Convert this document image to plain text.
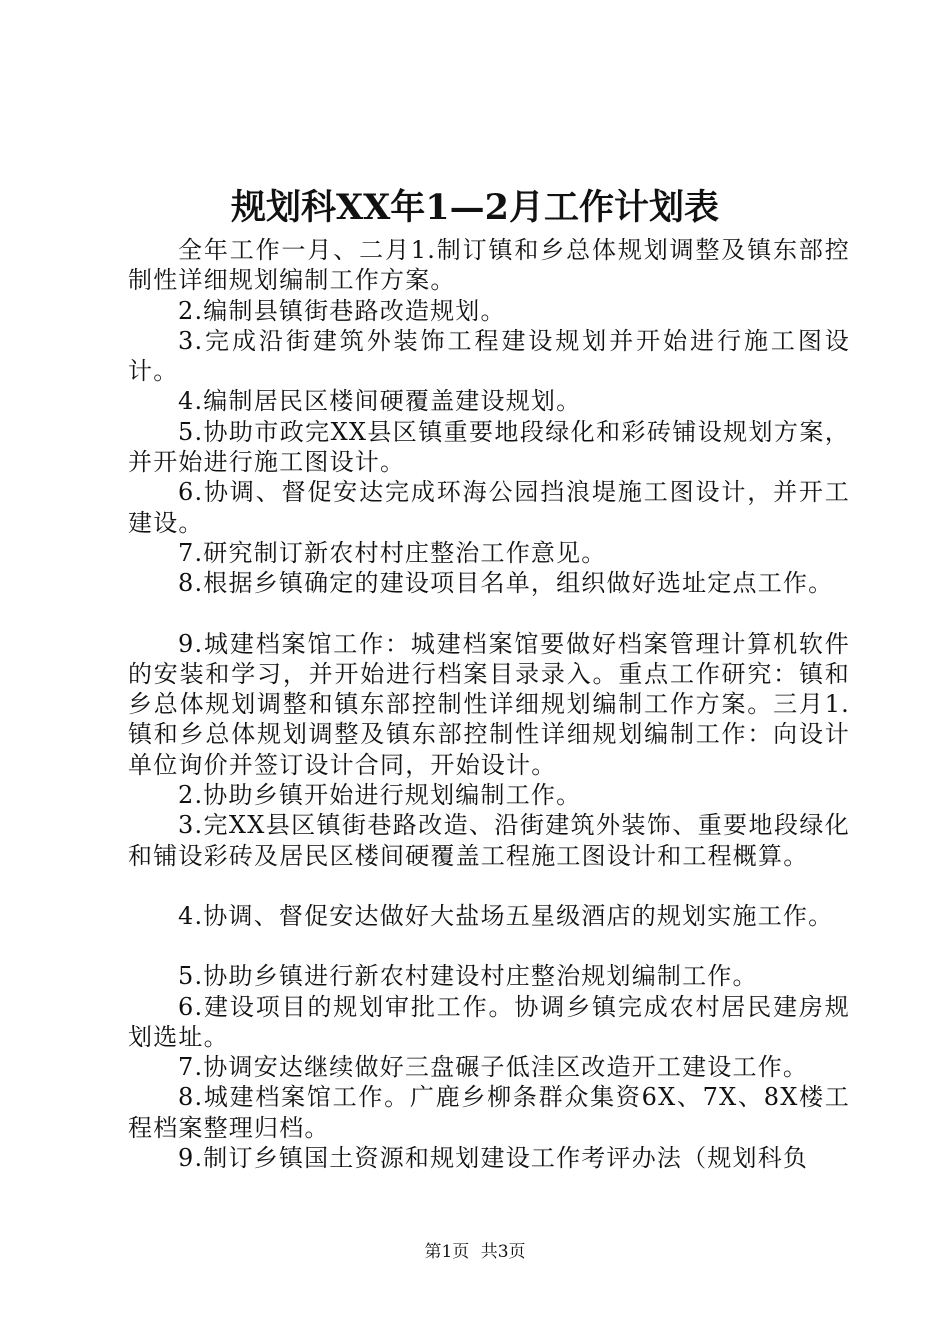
规划科XX年1—2月工作计划表

全年工作一月、二月1.制订镇和乡总体规划调整及镇东部控制性详细规划编制工作方案。

2.编制县镇街巷路改造规划。

3.完成沿街建筑外装饰工程建设规划并开始进行施工图设计。

4.编制居民区楼间硬覆盖建设规划。

5.协助市政完XX县区镇重要地段绿化和彩砖铺设规划方案，并开始进行施工图设计。

6.协调、督促安达完成环海公园挡浪堤施工图设计，并开工建设。

7.研究制订新农村村庄整治工作意见。

8.根据乡镇确定的建设项目名单，组织做好选址定点工作。

9.城建档案馆工作：城建档案馆要做好档案管理计算机软件的安装和学习，并开始进行档案目录录入。重点工作研究：镇和乡总体规划调整和镇东部控制性详细规划编制工作方案。三月1.镇和乡总体规划调整及镇东部控制性详细规划编制工作：向设计单位询价并签订设计合同，开始设计。

2.协助乡镇开始进行规划编制工作。

3.完XX县区镇街巷路改造、沿街建筑外装饰、重要地段绿化和铺设彩砖及居民区楼间硬覆盖工程施工图设计和工程概算。

4.协调、督促安达做好大盐场五星级酒店的规划实施工作。

5.协助乡镇进行新农村建设村庄整治规划编制工作。

6.建设项目的规划审批工作。协调乡镇完成农村居民建房规划选址。

7.协调安达继续做好三盘碾子低洼区改造开工建设工作。

8.城建档案馆工作。广鹿乡柳条群众集资6X、7X、8X楼工程档案整理归档。

9.制订乡镇国土资源和规划建设工作考评办法（规划科负

第1页 共3页
